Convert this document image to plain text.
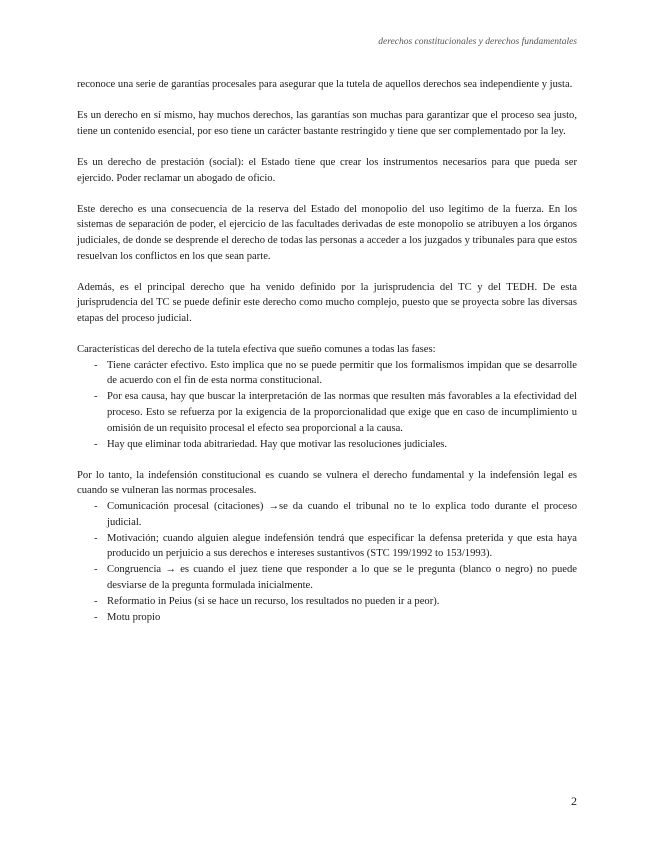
derechos constitucionales y derechos fundamentales

reconoce una serie de garantías procesales para asegurar que la tutela de aquellos derechos sea independiente y justa.

Es un derecho en sí mismo, hay muchos derechos, las garantías son muchas para garantizar que el proceso sea justo, tiene un contenido esencial, por eso tiene un carácter bastante restringido y tiene que ser complementado por la ley.

Es un derecho de prestación (social): el Estado tiene que crear los instrumentos necesarios para que pueda ser ejercido. Poder reclamar un abogado de oficio.

Este derecho es una consecuencia de la reserva del Estado del monopolio del uso legítimo de la fuerza. En los sistemas de separación de poder, el ejercicio de las facultades derivadas de este monopolio se atribuyen a los órganos judiciales, de donde se desprende el derecho de todas las personas a acceder a los juzgados y tribunales para que estos resuelvan los conflictos en los que sean parte.

Además, es el principal derecho que ha venido definido por la jurisprudencia del TC y del TEDH. De esta jurisprudencia del TC se puede definir este derecho como mucho complejo, puesto que se proyecta sobre las diversas etapas del proceso judicial.

Características del derecho de la tutela efectiva que sueño comunes a todas las fases:

- Tiene carácter efectivo. Esto implica que no se puede permitir que los formalismos impidan que se desarrolle de acuerdo con el fin de esta norma constitucional.
- Por esa causa, hay que buscar la interpretación de las normas que resulten más favorables a la efectividad del proceso. Esto se refuerza por la exigencia de la proporcionalidad que exige que en caso de incumplimiento u omisión de un requisito procesal el efecto sea proporcional a la causa.
- Hay que eliminar toda abitrariedad. Hay que motivar las resoluciones judiciales.

Por lo tanto, la indefensión constitucional es cuando se vulnera el derecho fundamental y la indefensión legal es cuando se vulneran las normas procesales.

- Comunicación procesal (citaciones) →se da cuando el tribunal no te lo explica todo durante el proceso judicial.
- Motivación; cuando alguien alegue indefensión tendrá que especificar la defensa preterida y que esta haya producido un perjuicio a sus derechos e intereses sustantivos (STC 199/1992 to 153/1993).
- Congruencia → es cuando el juez tiene que responder a lo que se le pregunta (blanco o negro) no puede desviarse de la pregunta formulada inicialmente.
- Reformatio in Peius (si se hace un recurso, los resultados no pueden ir a peor).
- Motu propio
2
